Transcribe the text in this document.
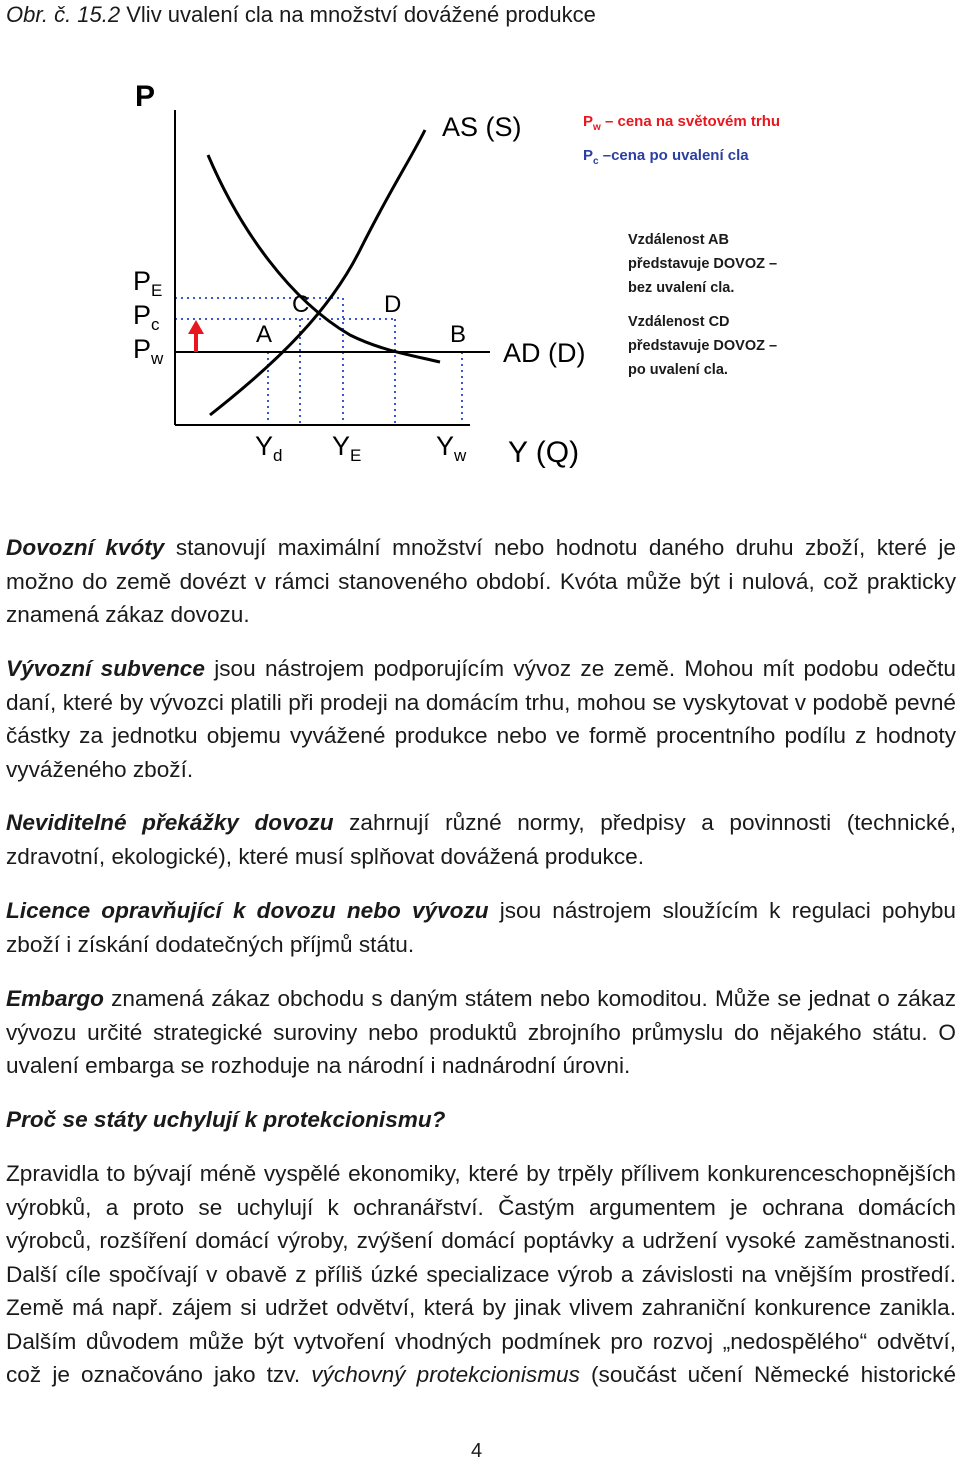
Obr. č. 15.2 Vliv uvalení cla na množství dovážené produkce
P
Y (Q)
AS (S)
AD (D)
$P_E$
$P_c$
$P_w$
$Y_d$ $Y_E$	$Y_w$
A	B
C	D
$P_w$ – cena na světovém trhu
$P_c$ –cena po uvalení cla
Vzdálenost AB
představuje DOVOZ –
bez uvalení cla.
Vzdálenost CD
představuje DOVOZ –
po uvalení cla.

Dovozní kvóty stanovují maximální množství nebo hodnotu daného druhu zboží, které je možno do země dovézt v rámci stanoveného období. Kvóta může být i nulová, což prakticky znamená zákaz dovozu.

Vývozní subvence jsou nástrojem podporujícím vývoz ze země. Mohou mít podobu odečtu daní, které by vývozci platili při prodeji na domácím trhu, mohou se vyskytovat v podobě pevné částky za jednotku objemu vyvážené produkce nebo ve formě procentního podílu z hodnoty vyváženého zboží.

Neviditelné překážky dovozu zahrnují různé normy, předpisy a povinnosti (technické, zdravotní, ekologické), které musí splňovat dovážená produkce.

Licence opravňující k dovozu nebo vývozu jsou nástrojem sloužícím k regulaci pohybu zboží i získání dodatečných příjmů státu.

Embargo znamená zákaz obchodu s daným státem nebo komoditou. Může se jednat o zákaz vývozu určité strategické suroviny nebo produktů zbrojního průmyslu do nějakého státu. O uvalení embarga se rozhoduje na národní i nadnárodní úrovni.

Proč se státy uchylují k protekcionismu?

Zpravidla to bývají méně vyspělé ekonomiky, které by trpěly přílivem konkurenceschopnějších výrobků, a proto se uchylují k ochranářství. Častým argumentem je ochrana domácích výrobců, rozšíření domácí výroby, zvýšení domácí poptávky a udržení vysoké zaměstnanosti. Další cíle spočívají v obavě z příliš úzké specializace výrob a závislosti na vnějším prostředí. Země má např. zájem si udržet odvětví, která by jinak vlivem zahraniční konkurence zanikla. Dalším důvodem může být vytvoření vhodných podmínek pro rozvoj „nedospělého“ odvětví, což je označováno jako tzv. výchovný protekcionismus (součást učení Německé historické

4
